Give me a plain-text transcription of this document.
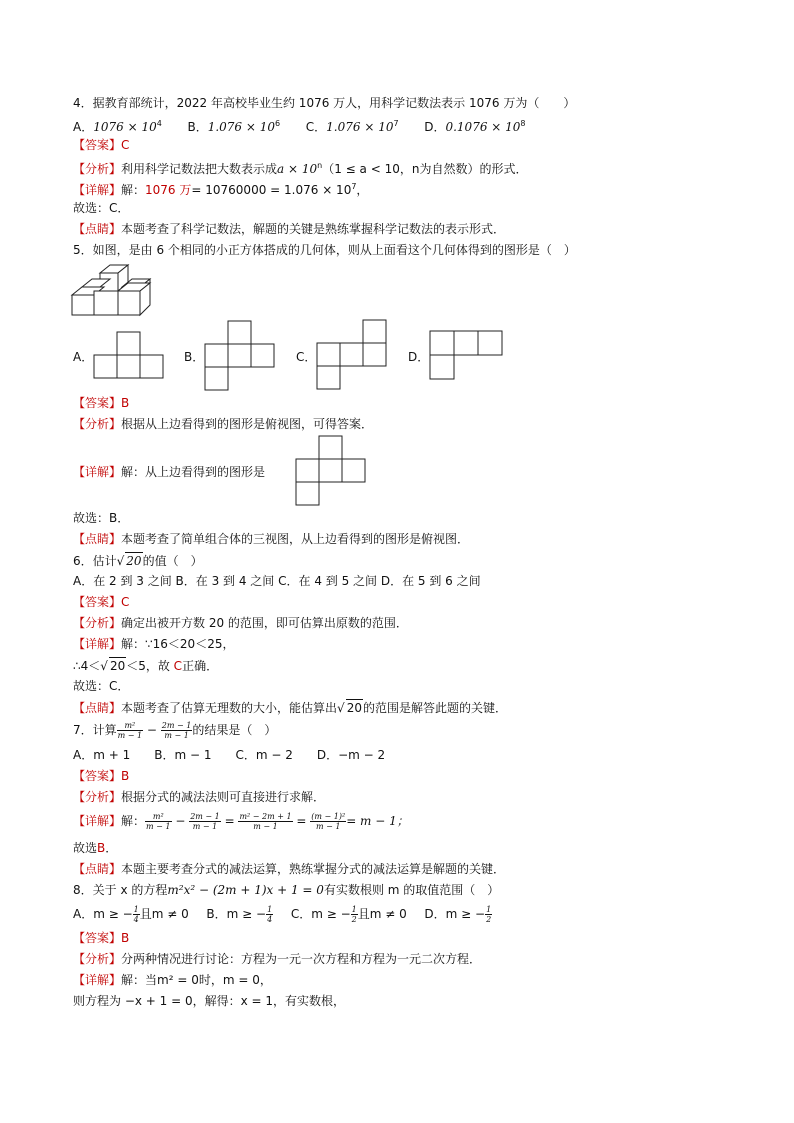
4．据教育部统计，2022 年高校毕业生约 1076 万人，用科学记数法表示 1076 万为（　　）
A．$1076 \times 10^4$ B．$1.076 \times 10^6$ C．$1.076 \times 10^7$ D．$0.1076 \times 10^8$
【答案】C
【分析】利用科学记数法把大数表示成$a \times 10^n(1 \le a < 10$，n为自然数）的形式．
【详解】解：1076 万= $10760000 = 1.076 \times 10^7$，
故选：C．
【点睛】本题考查了科学记数法，解题的关键是熟练掌握科学记数法的表示形式．
5．如图，是由 6 个相同的小正方体搭成的几何体，则从上面看这个几何体得到的图形是（　）
A．	B．	C．	D．
【答案】B
【分析】根据从上边看得到的图形是俯视图，可得答案．
【详解】解：从上边看得到的图形是
故选：B．
【点睛】本题考查了简单组合体的三视图，从上边看得到的图形是俯视图．
6．估计√ 20的值（　）
A．在 2 到 3 之间 B．在 3 到 4 之间 C．在 4 到 5 之间 D．在 5 到 6 之间
【答案】C
【分析】确定出被开方数 20 的范围，即可估算出原数的范围．
【详解】解：∵16＜20＜25，
∴4＜√ 20＜5，故 C正确．
故选：C．
【点睛】本题考查了估算无理数的大小，能估算出√ 20的范围是解答此题的关键．
7．计算 $\frac{\text{m²}}{m - 1} - \frac{2m - 1}{m - 1}$ 的结果是（　）
A．m + 1　　B．m − 1　　C．m − 2　　D．−m − 2
【答案】B
【分析】根据分式的减法法则可直接进行求解．
【详解】解： $\frac{\text{m²}}{m - 1} - \frac{2m - 1}{m - 1} = \frac{\text{m² − 2m + 1}}{m - 1} = \frac{\text{(m − 1)²}}{m - 1} = m - 1$；
故选B．
【点睛】本题主要考查分式的减法运算，熟练掌握分式的减法运算是解题的关键．
8．关于 x 的方程m²x² − (2m + 1)x + 1 = 0有实数根则 m 的取值范围（　）
A．m ≥ − $\frac{1}{4}$ 且m ≠ 0 B．m ≥ − $\frac{1}{4}$ C．m ≥ − $\frac{1}{2}$ 且m ≠ 0 D．m ≥ − $\frac{1}{2}$
【答案】B
【分析】分两种情况进行讨论：方程为一元一次方程和方程为一元二次方程．
【详解】解：当m² = 0时，m = 0，
则方程为 −x + 1 = 0，解得：x = 1，有实数根，
